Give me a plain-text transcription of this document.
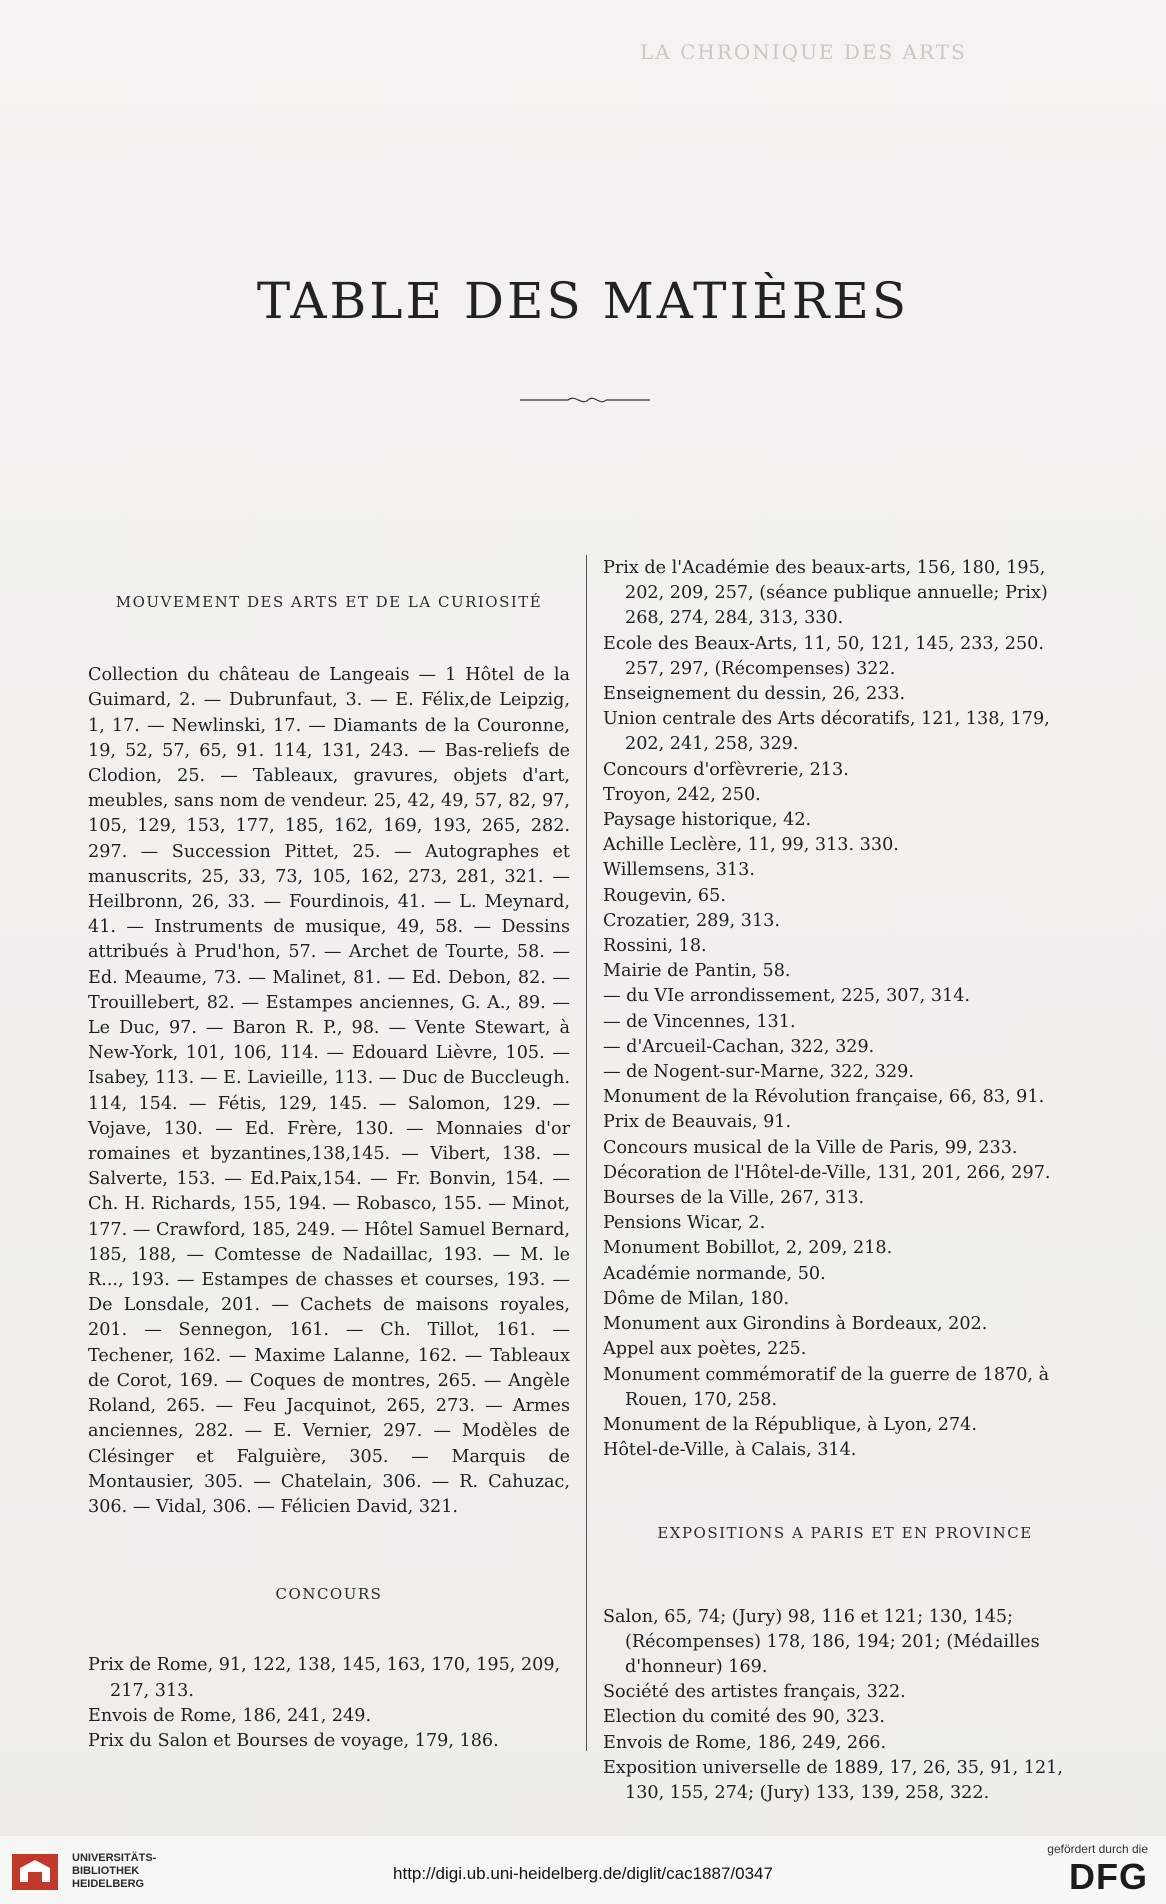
LA CHRONIQUE DES ARTS
TABLE DES MATIÈRES
MOUVEMENT DES ARTS ET DE LA CURIOSITÉ
Collection du château de Langeais — 1 Hôtel de la Guimard, 2. — Dubrunfaut, 3. — E. Félix,de Leipzig, 1, 17. — Newlinski, 17. — Diamants de la Couronne, 19, 52, 57, 65, 91. 114, 131, 243. — Bas-reliefs de Clodion, 25. — Tableaux, gravures, objets d'art, meubles, sans nom de vendeur. 25, 42, 49, 57, 82, 97, 105, 129, 153, 177, 185, 162, 169, 193, 265, 282. 297. — Succession Pittet, 25. — Autographes et manuscrits, 25, 33, 73, 105, 162, 273, 281, 321. — Heilbronn, 26, 33. — Fourdinois, 41. — L. Meynard, 41. — Instruments de musique, 49, 58. — Dessins attribués à Prud'hon, 57. — Archet de Tourte, 58. — Ed. Meaume, 73. — Malinet, 81. — Ed. Debon, 82. — Trouillebert, 82. — Estampes anciennes, G. A., 89. — Le Duc, 97. — Baron R. P., 98. — Vente Stewart, à New-York, 101, 106, 114. — Edouard Lièvre, 105. — Isabey, 113. — E. Lavieille, 113. — Duc de Buccleugh. 114, 154. — Fétis, 129, 145. — Salomon, 129. — Vojave, 130. — Ed. Frère, 130. — Monnaies d'or romaines et byzantines,138,145. — Vibert, 138. — Salverte, 153. — Ed.Paix,154. — Fr. Bonvin, 154. — Ch. H. Richards, 155, 194. — Robasco, 155. — Minot, 177. — Crawford, 185, 249. — Hôtel Samuel Bernard, 185, 188, — Comtesse de Nadaillac, 193. — M. le R..., 193. — Estampes de chasses et courses, 193. — De Lonsdale, 201. — Cachets de maisons royales, 201. — Sennegon, 161. — Ch. Tillot, 161. — Techener, 162. — Maxime Lalanne, 162. — Tableaux de Corot, 169. — Coques de montres, 265. — Angèle Roland, 265. — Feu Jacquinot, 265, 273. — Armes anciennes, 282. — E. Vernier, 297. — Modèles de Clésinger et Falguière, 305. — Marquis de Montausier, 305. — Chatelain, 306. — R. Cahuzac, 306. — Vidal, 306. — Félicien David, 321.
CONCOURS
Prix de Rome, 91, 122, 138, 145, 163, 170, 195, 209, 217, 313.
Envois de Rome, 186, 241, 249.
Prix du Salon et Bourses de voyage, 179, 186.
Prix de l'Académie des beaux-arts, 156, 180, 195, 202, 209, 257, (séance publique annuelle; Prix) 268, 274, 284, 313, 330.
Ecole des Beaux-Arts, 11, 50, 121, 145, 233, 250. 257, 297, (Récompenses) 322.
Enseignement du dessin, 26, 233.
Union centrale des Arts décoratifs, 121, 138, 179, 202, 241, 258, 329.
Concours d'orfèvrerie, 213.
Troyon, 242, 250.
Paysage historique, 42.
Achille Leclère, 11, 99, 313. 330.
Willemsens, 313.
Rougevin, 65.
Crozatier, 289, 313.
Rossini, 18.
Mairie de Pantin, 58.
— du VIe arrondissement, 225, 307, 314.
— de Vincennes, 131.
— d'Arcueil-Cachan, 322, 329.
— de Nogent-sur-Marne, 322, 329.
Monument de la Révolution française, 66, 83, 91.
Prix de Beauvais, 91.
Concours musical de la Ville de Paris, 99, 233.
Décoration de l'Hôtel-de-Ville, 131, 201, 266, 297.
Bourses de la Ville, 267, 313.
Pensions Wicar, 2.
Monument Bobillot, 2, 209, 218.
Académie normande, 50.
Dôme de Milan, 180.
Monument aux Girondins à Bordeaux, 202.
Appel aux poètes, 225.
Monument commémoratif de la guerre de 1870, à Rouen, 170, 258.
Monument de la République, à Lyon, 274.
Hôtel-de-Ville, à Calais, 314.
EXPOSITIONS A PARIS ET EN PROVINCE
Salon, 65, 74; (Jury) 98, 116 et 121; 130, 145; (Récompenses) 178, 186, 194; 201; (Médailles d'honneur) 169.
Société des artistes français, 322.
Election du comité des 90, 323.
Envois de Rome, 186, 249, 266.
Exposition universelle de 1889, 17, 26, 35, 91, 121, 130, 155, 274; (Jury) 133, 139, 258, 322.
UNIVERSITÄTS-
BIBLIOTHEK
HEIDELBERG
http://digi.ub.uni-heidelberg.de/diglit/cac1887/0347
gefördert durch die
DFG
